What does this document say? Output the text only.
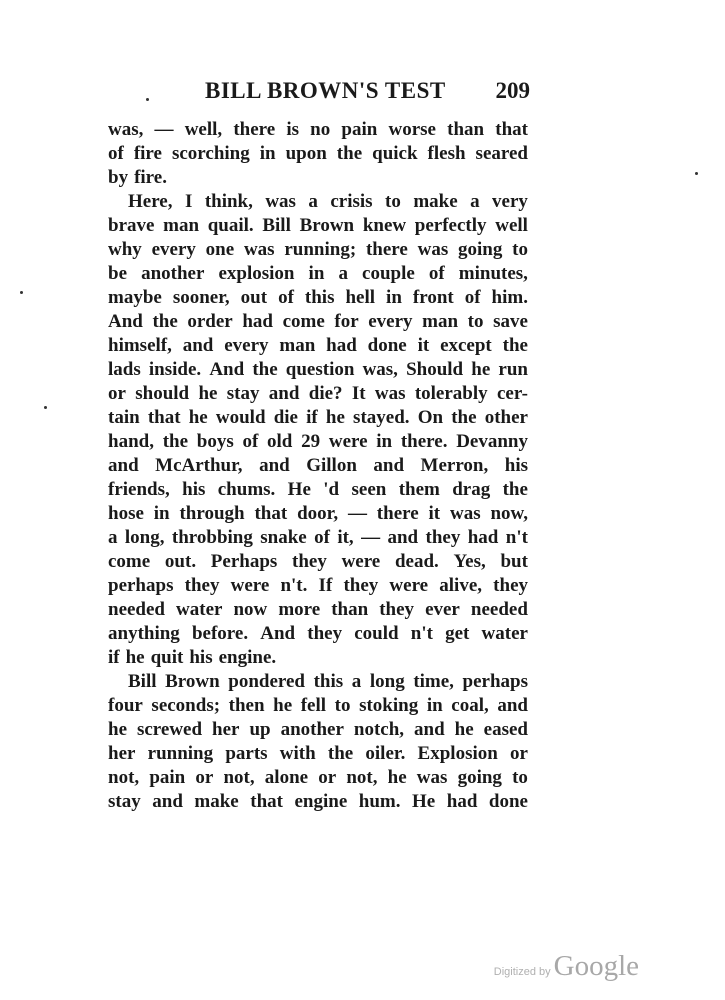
BILL BROWN'S TEST 209
was, — well, there is no pain worse than that
of fire scorching in upon the quick flesh seared
by fire.
Here, I think, was a crisis to make a very
brave man quail. Bill Brown knew perfectly well
why every one was running; there was going to
be another explosion in a couple of minutes,
maybe sooner, out of this hell in front of him.
And the order had come for every man to save
himself, and every man had done it except the
lads inside. And the question was, Should he run
or should he stay and die? It was tolerably cer-
tain that he would die if he stayed. On the other
hand, the boys of old 29 were in there. Devanny
and McArthur, and Gillon and Merron, his
friends, his chums. He 'd seen them drag the
hose in through that door, — there it was now,
a long, throbbing snake of it, — and they had n't
come out. Perhaps they were dead. Yes, but
perhaps they were n't. If they were alive, they
needed water now more than they ever needed
anything before. And they could n't get water
if he quit his engine.
Bill Brown pondered this a long time, perhaps
four seconds; then he fell to stoking in coal, and
he screwed her up another notch, and he eased
her running parts with the oiler. Explosion or
not, pain or not, alone or not, he was going to
stay and make that engine hum. He had done
Digitized by Google
